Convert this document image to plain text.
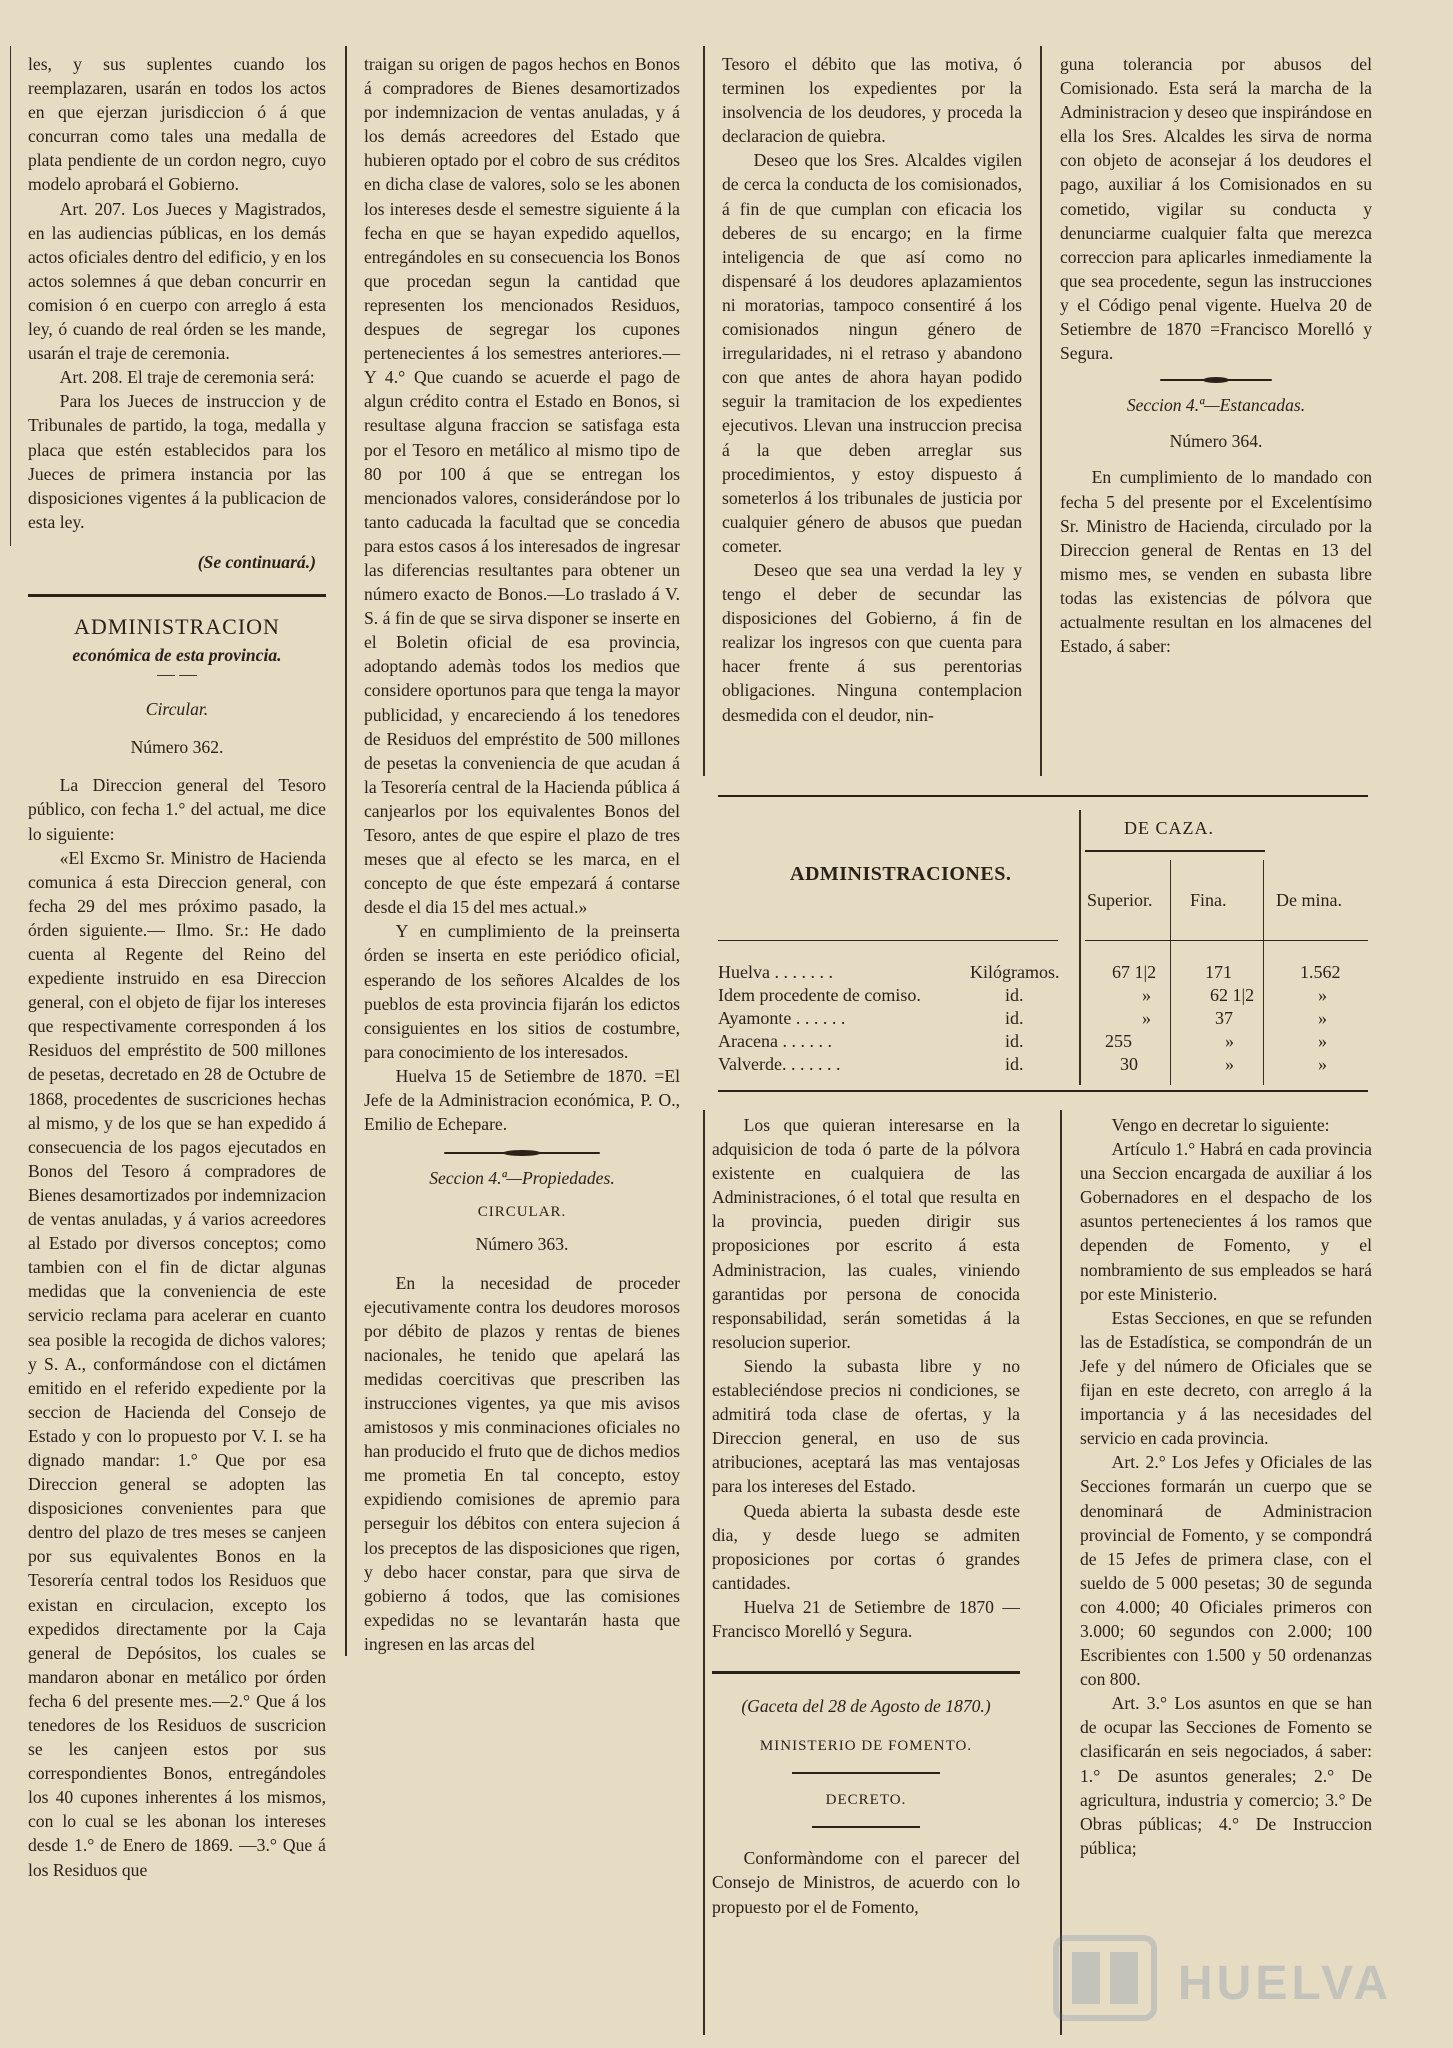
les, y sus suplentes cuando los reemplazaren, usarán en todos los actos en que ejerzan jurisdiccion ó á que concurran como tales una medalla de plata pendiente de un cordon negro, cuyo modelo aprobará el Gobierno.

Art. 207. Los Jueces y Magistrados, en las audiencias públicas, en los demás actos oficiales dentro del edificio, y en los actos solemnes á que deban concurrir en comision ó en cuerpo con arreglo á esta ley, ó cuando de real órden se les mande, usarán el traje de ceremonia.

Art. 208. El traje de ceremonia será:

Para los Jueces de instruccion y de Tribunales de partido, la toga, medalla y placa que estén establecidos para los Jueces de primera instancia por las disposiciones vigentes á la publicacion de esta ley.

(Se continuará.)

ADMINISTRACION

económica de esta provincia.

— —

Circular.

Número 362.

La Direccion general del Tesoro público, con fecha 1.° del actual, me dice lo siguiente:

«El Excmo Sr. Ministro de Hacienda comunica á esta Direccion general, con fecha 29 del mes próximo pasado, la órden siguiente.— Ilmo. Sr.: He dado cuenta al Regente del Reino del expediente instruido en esa Direccion general, con el objeto de fijar los intereses que respectivamente corresponden á los Residuos del empréstito de 500 millones de pesetas, decretado en 28 de Octubre de 1868, procedentes de suscriciones hechas al mismo, y de los que se han expedido á consecuencia de los pagos ejecutados en Bonos del Tesoro á compradores de Bienes desamortizados por indemnizacion de ventas anuladas, y á varios acreedores al Estado por diversos conceptos; como tambien con el fin de dictar algunas medidas que la conveniencia de este servicio reclama para acelerar en cuanto sea posible la recogida de dichos valores; y S. A., conformándose con el dictámen emitido en el referido expediente por la seccion de Hacienda del Consejo de Estado y con lo propuesto por V. I. se ha dignado mandar: 1.° Que por esa Direccion general se adopten las disposiciones convenientes para que dentro del plazo de tres meses se canjeen por sus equivalentes Bonos en la Tesorería central todos los Residuos que existan en circulacion, excepto los expedidos directamente por la Caja general de Depósitos, los cuales se mandaron abonar en metálico por órden fecha 6 del presente mes.—2.° Que á los tenedores de los Residuos de suscricion se les canjeen estos por sus correspondientes Bonos, entregándoles los 40 cupones inherentes á los mismos, con lo cual se les abonan los intereses desde 1.° de Enero de 1869. —3.° Que á los Residuos que

traigan su origen de pagos hechos en Bonos á compradores de Bienes desamortizados por indemnizacion de ventas anuladas, y á los demás acreedores del Estado que hubieren optado por el cobro de sus créditos en dicha clase de valores, solo se les abonen los intereses desde el semestre siguiente á la fecha en que se hayan expedido aquellos, entregándoles en su consecuencia los Bonos que procedan segun la cantidad que representen los mencionados Residuos, despues de segregar los cupones pertenecientes á los semestres anteriores.—Y 4.° Que cuando se acuerde el pago de algun crédito contra el Estado en Bonos, si resultase alguna fraccion se satisfaga esta por el Tesoro en metálico al mismo tipo de 80 por 100 á que se entregan los mencionados valores, considerándose por lo tanto caducada la facultad que se concedia para estos casos á los interesados de ingresar las diferencias resultantes para obtener un número exacto de Bonos.—Lo traslado á V. S. á fin de que se sirva disponer se inserte en el Boletin oficial de esa provincia, adoptando ademàs todos los medios que considere oportunos para que tenga la mayor publicidad, y encareciendo á los tenedores de Residuos del empréstito de 500 millones de pesetas la conveniencia de que acudan á la Tesorería central de la Hacienda pública á canjearlos por los equivalentes Bonos del Tesoro, antes de que espire el plazo de tres meses que al efecto se les marca, en el concepto de que éste empezará á contarse desde el dia 15 del mes actual.»

Y en cumplimiento de la preinserta órden se inserta en este periódico oficial, esperando de los señores Alcaldes de los pueblos de esta provincia fijarán los edictos consiguientes en los sitios de costumbre, para conocimiento de los interesados.

Huelva 15 de Setiembre de 1870. =El Jefe de la Administracion económica, P. O., Emilio de Echepare.

Seccion 4.ª—Propiedades.

CIRCULAR.

Número 363.

En la necesidad de proceder ejecutivamente contra los deudores morosos por débito de plazos y rentas de bienes nacionales, he tenido que apelará las medidas coercitivas que prescriben las instrucciones vigentes, ya que mis avisos amistosos y mis conminaciones oficiales no han producido el fruto que de dichos medios me prometia En tal concepto, estoy expidiendo comisiones de apremio para perseguir los débitos con entera sujecion á los preceptos de las disposiciones que rigen, y debo hacer constar, para que sirva de gobierno á todos, que las comisiones expedidas no se levantarán hasta que ingresen en las arcas del

Tesoro el débito que las motiva, ó terminen los expedientes por la insolvencia de los deudores, y proceda la declaracion de quiebra.

Deseo que los Sres. Alcaldes vigilen de cerca la conducta de los comisionados, á fin de que cumplan con eficacia los deberes de su encargo; en la firme inteligencia de que así como no dispensaré á los deudores aplazamientos ni moratorias, tampoco consentiré á los comisionados ningun género de irregularidades, ni el retraso y abandono con que antes de ahora hayan podido seguir la tramitacion de los expedientes ejecutivos. Llevan una instruccion precisa á la que deben arreglar sus procedimientos, y estoy dispuesto á someterlos á los tribunales de justicia por cualquier género de abusos que puedan cometer.

Deseo que sea una verdad la ley y tengo el deber de secundar las disposiciones del Gobierno, á fin de realizar los ingresos con que cuenta para hacer frente á sus perentorias obligaciones. Ninguna contemplacion desmedida con el deudor, nin-

guna tolerancia por abusos del Comisionado. Esta será la marcha de la Administracion y deseo que inspirándose en ella los Sres. Alcaldes les sirva de norma con objeto de aconsejar á los deudores el pago, auxiliar á los Comisionados en su cometido, vigilar su conducta y denunciarme cualquier falta que merezca correccion para aplicarles inmediamente la que sea procedente, segun las instrucciones y el Código penal vigente. Huelva 20 de Setiembre de 1870 =Francisco Morelló y Segura.

Seccion 4.ª—Estancadas.

Número 364.

En cumplimiento de lo mandado con fecha 5 del presente por el Excelentísimo Sr. Ministro de Hacienda, circulado por la Direccion general de Rentas en 13 del mismo mes, se venden en subasta libre todas las existencias de pólvora que actualmente resultan en los almacenes del Estado, á saber:

ADMINISTRACIONES.
DE CAZA.
Superior. Fina.	De mina.
Huelva . . . . . . .	Kilógramos.	67 1|2	171	1.562
Idem procedente de comiso.	id.	»	62 1|2	»
Ayamonte . . . . . .	id.	»	37	»
Aracena . . . . . .	id.	255	»	»
Valverde. . . . . . .	id.	30	»	»

Los que quieran interesarse en la adquisicion de toda ó parte de la pólvora existente en cualquiera de las Administraciones, ó el total que resulta en la provincia, pueden dirigir sus proposiciones por escrito á esta Administracion, las cuales, viniendo garantidas por persona de conocida responsabilidad, serán sometidas á la resolucion superior.

Siendo la subasta libre y no estableciéndose precios ni condiciones, se admitirá toda clase de ofertas, y la Direccion general, en uso de sus atribuciones, aceptará las mas ventajosas para los intereses del Estado.

Queda abierta la subasta desde este dia, y desde luego se admiten proposiciones por cortas ó grandes cantidades.

Huelva 21 de Setiembre de 1870 —Francisco Morelló y Segura.

(Gaceta del 28 de Agosto de 1870.)

MINISTERIO DE FOMENTO.

DECRETO.

Conformàndome con el parecer del Consejo de Ministros, de acuerdo con lo propuesto por el de Fomento,

Vengo en decretar lo siguiente:

Artículo 1.° Habrá en cada provincia una Seccion encargada de auxiliar á los Gobernadores en el despacho de los asuntos pertenecientes á los ramos que dependen de Fomento, y el nombramiento de sus empleados se hará por este Ministerio.

Estas Secciones, en que se refunden las de Estadística, se compondrán de un Jefe y del número de Oficiales que se fijan en este decreto, con arreglo á la importancia y á las necesidades del servicio en cada provincia.

Art. 2.° Los Jefes y Oficiales de las Secciones formarán un cuerpo que se denominará de Administracion provincial de Fomento, y se compondrá de 15 Jefes de primera clase, con el sueldo de 5 000 pesetas; 30 de segunda con 4.000; 40 Oficiales primeros con 3.000; 60 segundos con 2.000; 100 Escribientes con 1.500 y 50 ordenanzas con 800.

Art. 3.° Los asuntos en que se han de ocupar las Secciones de Fomento se clasificarán en seis negociados, á saber: 1.° De asuntos generales; 2.° De agricultura, industria y comercio; 3.° De Obras públicas; 4.° De Instruccion pública;

HUELVA
